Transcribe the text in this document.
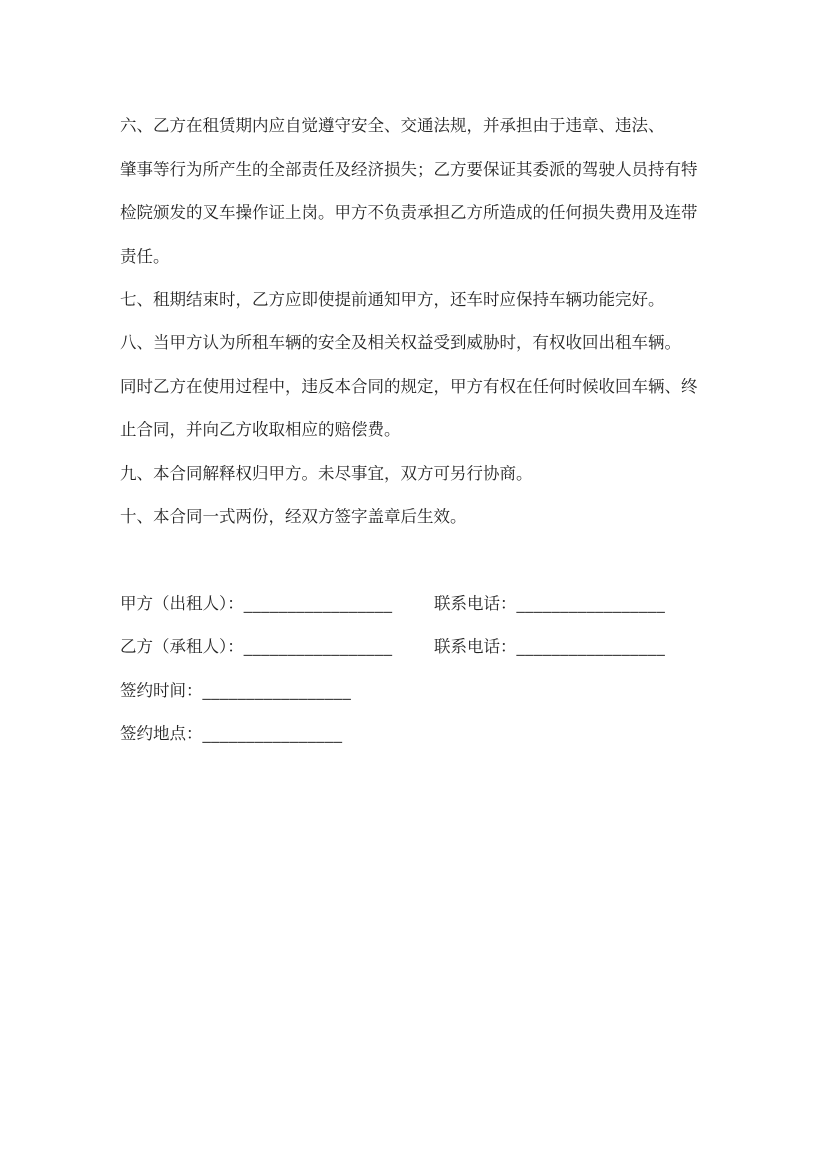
六、乙方在租赁期内应自觉遵守安全、交通法规，并承担由于违章、违法、
肇事等行为所产生的全部责任及经济损失；乙方要保证其委派的驾驶人员持有特
检院颁发的叉车操作证上岗。甲方不负责承担乙方所造成的任何损失费用及连带
责任。
七、租期结束时，乙方应即使提前通知甲方，还车时应保持车辆功能完好。
八、当甲方认为所租车辆的安全及相关权益受到威胁时，有权收回出租车辆。
同时乙方在使用过程中，违反本合同的规定，甲方有权在任何时候收回车辆、终
止合同，并向乙方收取相应的赔偿费。
九、本合同解释权归甲方。未尽事宜，双方可另行协商。
十、本合同一式两份，经双方签字盖章后生效。
甲方（出租人）：_________________	联系电话：_________________
乙方（承租人）：_________________	联系电话：_________________
签约时间：_________________
签约地点：________________
